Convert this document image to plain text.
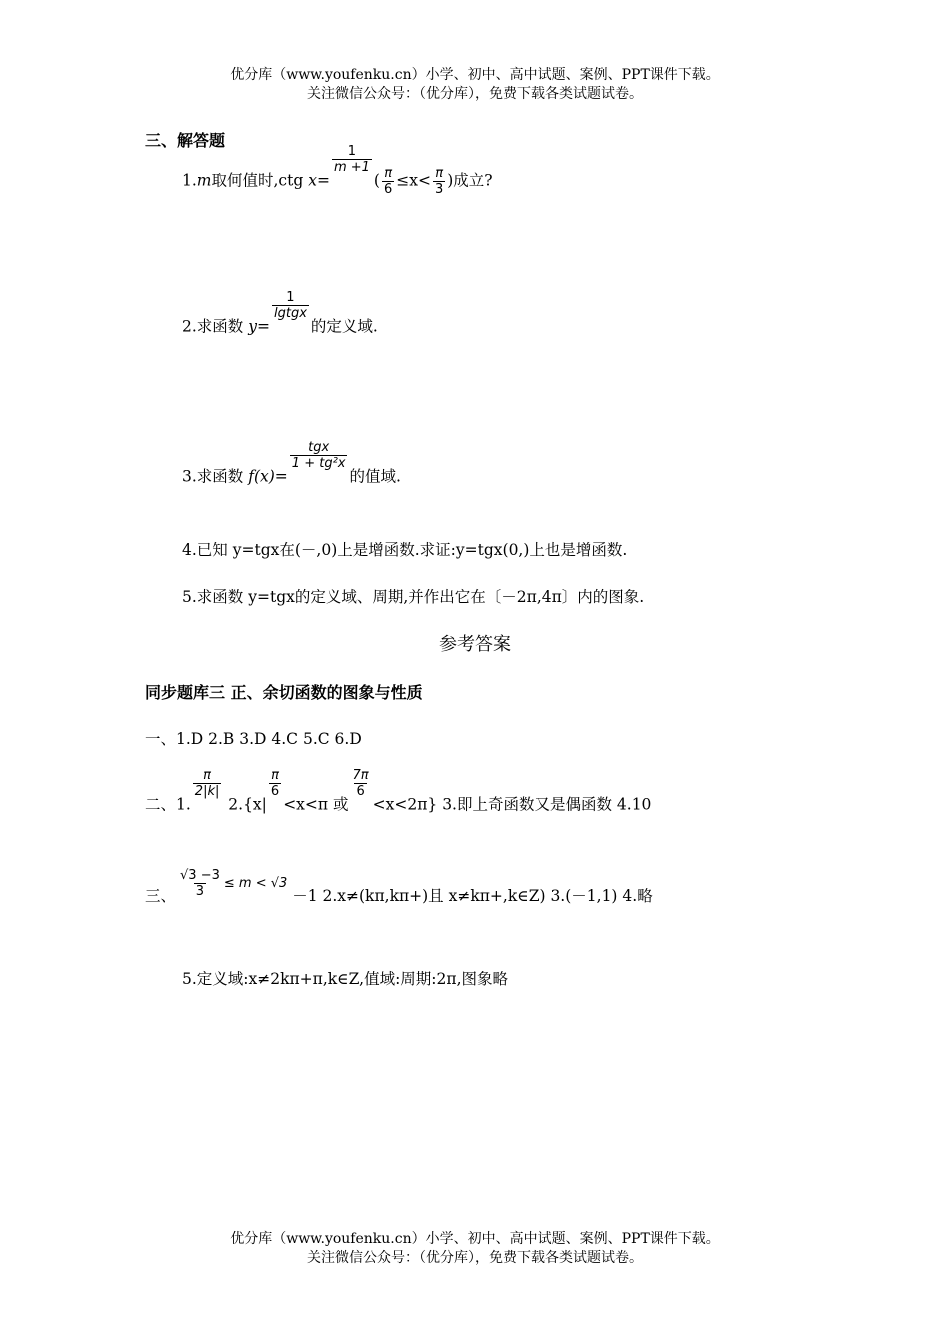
优分库（www.youfenku.cn）小学、初中、高中试题、案例、PPT课件下载。
关注微信公众号：（优分库），免费下载各类试题试卷。
三、解答题
1.m取何值时,ctg x=
$\frac{1}{m +1}$
( $\frac{\pi}{6} \le x< \frac{\pi}{3}$ )成立?
2.求函数 y=
$\frac{1}{\text{lgtgx}}$
的定义域.
3.求函数 f(x)=
$\frac{\text{tgx}}{\text{1 + tg²x}}$
的值域.
4.已知 y=tgx在(－,0)上是增函数.求证:y=tgx(0,)上也是增函数.
5.求函数 y=tgx的定义域、周期,并作出它在〔－2π,4π〕内的图象.
参考答案
同步题库三 正、余切函数的图象与性质
一、1.D 2.B 3.D 4.C 5.C 6.D
二、1.
$\frac{\pi}{2|k|}$
2.{x|
$\frac{\pi}{6}$
<x<π 或
$\frac{7\pi}{6}$
<x<2π} 3.即上奇函数又是偶函数 4.10
三、 $\frac{√3 -3}{3} \le m < √3$
－1 2.x≠(kπ,kπ+)且 x≠kπ+,k∈Z) 3.(－1,1) 4.略
5.定义域:x≠2kπ+π,k∈Z,值域:周期:2π,图象略
优分库（www.youfenku.cn）小学、初中、高中试题、案例、PPT课件下载。
关注微信公众号：（优分库），免费下载各类试题试卷。
